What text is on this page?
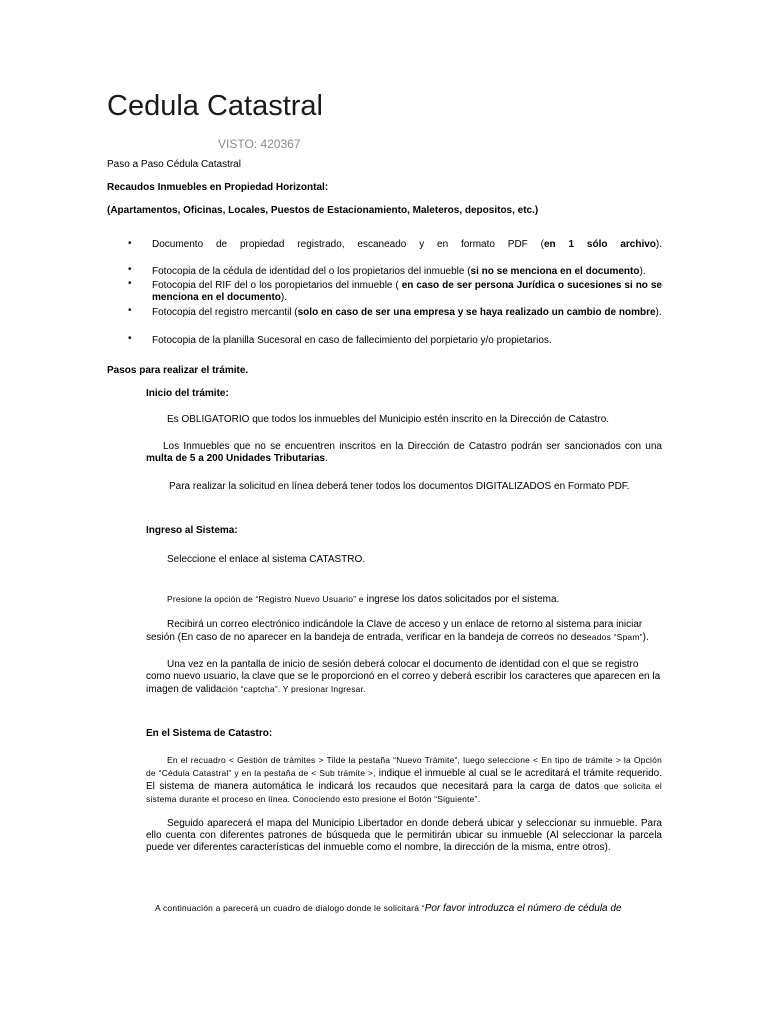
Cedula Catastral
VISTO: 420367
Paso a Paso Cédula Catastral
Recaudos Inmuebles en Propiedad Horizontal:
(Apartamentos, Oficinas, Locales, Puestos de Estacionamiento, Maleteros, depositos, etc.)
• Documento de propiedad registrado, escaneado y en formato PDF (en 1 sólo archivo).
• Fotocopia de la cédula de identidad del o los propietarios del inmueble (si no se menciona en el documento).
• Fotocopia del RIF del o los poropietarios del inmueble ( en caso de ser persona Jurídica o sucesiones si no se menciona en el documento).
• Fotocopia del registro mercantil (solo en caso de ser una empresa y se haya realizado un cambio de nombre).
• Fotocopia de la planilla Sucesoral en caso de fallecimiento del porpietario y/o propietarios.
Pasos para realizar el trámite.
Inicio del trámite:
Es OBLIGATORIO que todos los inmuebles del Municipio estén inscrito en la Dirección de Catastro.
Los Inmuebles que no se encuentren inscritos en la Dirección de Catastro podrán ser sancionados con una multa de 5 a 200 Unidades Tributarias.
Para realizar la solicitud en línea deberá tener todos los documentos DIGITALIZADOS en Formato PDF.
Ingreso al Sistema:
Seleccione el enlace al sistema CATASTRO.
Presione la opción de “Registro Nuevo Usuario” e ingrese los datos solicitados por el sistema.
Recibirá un correo electrónico indicándole la Clave de acceso y un enlace de retorno al sistema para iniciar sesión (En caso de no aparecer en la bandeja de entrada, verificar en la bandeja de correos no deseados “Spam”).
Una vez en la pantalla de inicio de sesión deberá colocar el documento de identidad con el que se registro como nuevo usuario, la clave que se le proporcionó en el correo y deberá escribir los caracteres que aparecen en la imagen de validación “captcha”. Y presionar Ingresar.
En el Sistema de Catastro:
En el recuadro < Gestión de trámites > Tilde la pestaña “Nuevo Trámite”, luego seleccione < En tipo de trámite > la Opción de “Cédula Catastral” y en la pestaña de < Sub trámite >, indique el inmueble al cual se le acreditará el trámite requerido. El sistema de manera automática le indicará los recaudos que necesitará para la carga de datos que solicita el sistema durante el proceso en línea. Conociendo esto presione el Botón “Siguiente”.
Seguido aparecerá el mapa del Municipio Libertador en donde deberá ubicar y seleccionar su inmueble. Para ello cuenta con diferentes patrones de búsqueda que le permitirán ubicar su inmueble (Al seleccionar la parcela puede ver diferentes características del inmueble como el nombre, la dirección de la misma, entre otros).
A continuación a parecerá un cuadro de dialogo donde le solicitará “Por favor introduzca el número de cédula de
